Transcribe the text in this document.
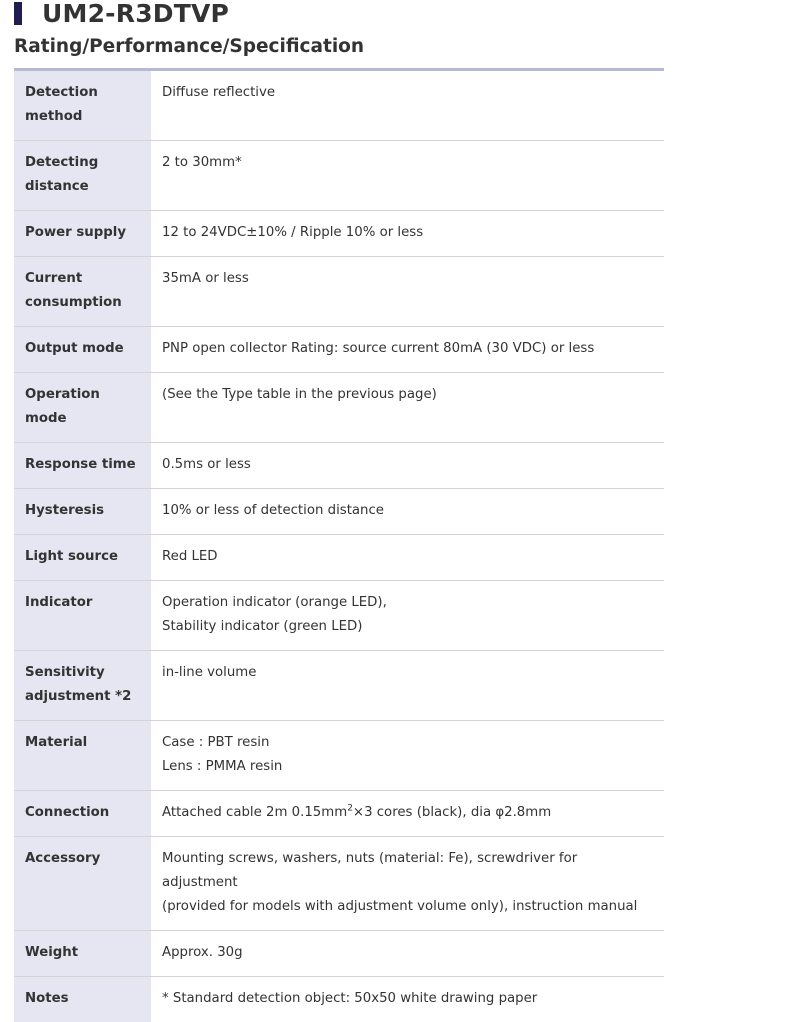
UM2-R3DTVP
Rating/Performance/Specification
Detection
method	Diffuse reflective

Detecting
distance	2 to 30mm*

Power supply	12 to 24VDC±10% / Ripple 10% or less

Current
consumption	35mA or less

Output mode	PNP open collector Rating: source current 80mA (30 VDC) or less

Operation mode	(See the Type table in the previous page)

Response time	0.5ms or less

Hysteresis	10% or less of detection distance

Light source	Red LED

Indicator	Operation indicator (orange LED),
Stability indicator (green LED)

Sensitivity
adjustment *2	in-line volume

Material	Case : PBT resin
Lens : PMMA resin

Connection	Attached cable 2m $0.15mm^2\times 3$ cores (black), dia φ2.8mm

Accessory	Mounting screws, washers, nuts (material: Fe), screwdriver for adjustment
(provided for models with adjustment volume only), instruction manual

Weight	Approx. 30g

Notes	* Standard detection object: 50x50 white drawing paper
